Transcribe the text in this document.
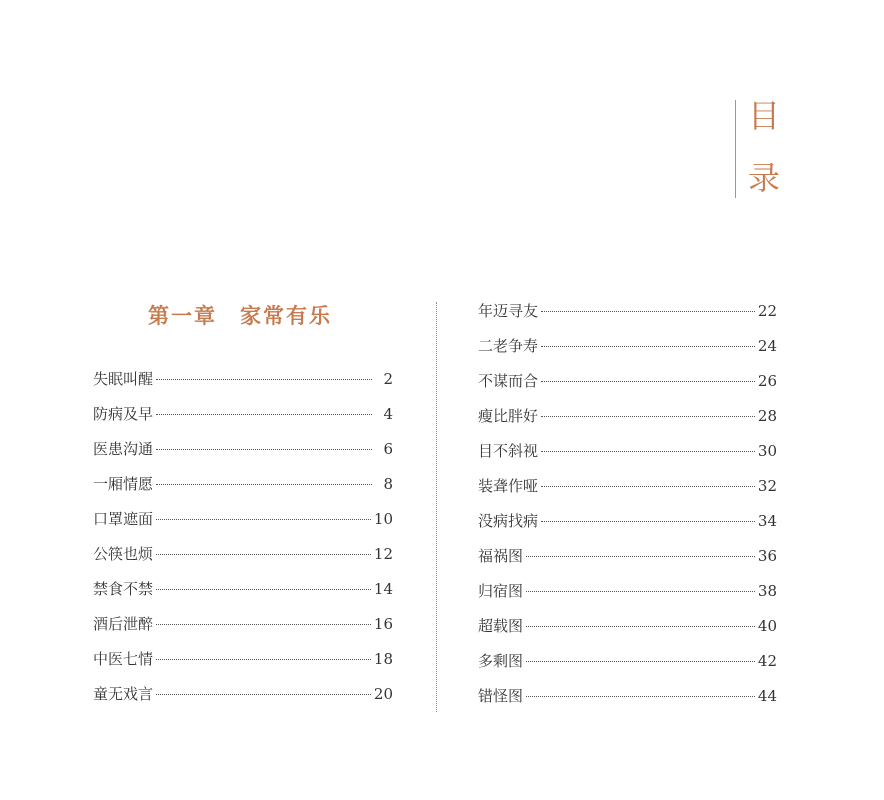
目
录
第一章　家常有乐
失眠叫醒	2
防病及早	4
医患沟通	6
一厢情愿	8
口罩遮面	10
公筷也烦	12
禁食不禁	14
酒后泄醉	16
中医七情	18
童无戏言	20
年迈寻友	22
二老争寿	24
不谋而合	26
瘦比胖好	28
目不斜视	30
装聋作哑	32
没病找病	34
福祸图	36
归宿图	38
超载图	40
多剩图	42
错怪图	44
